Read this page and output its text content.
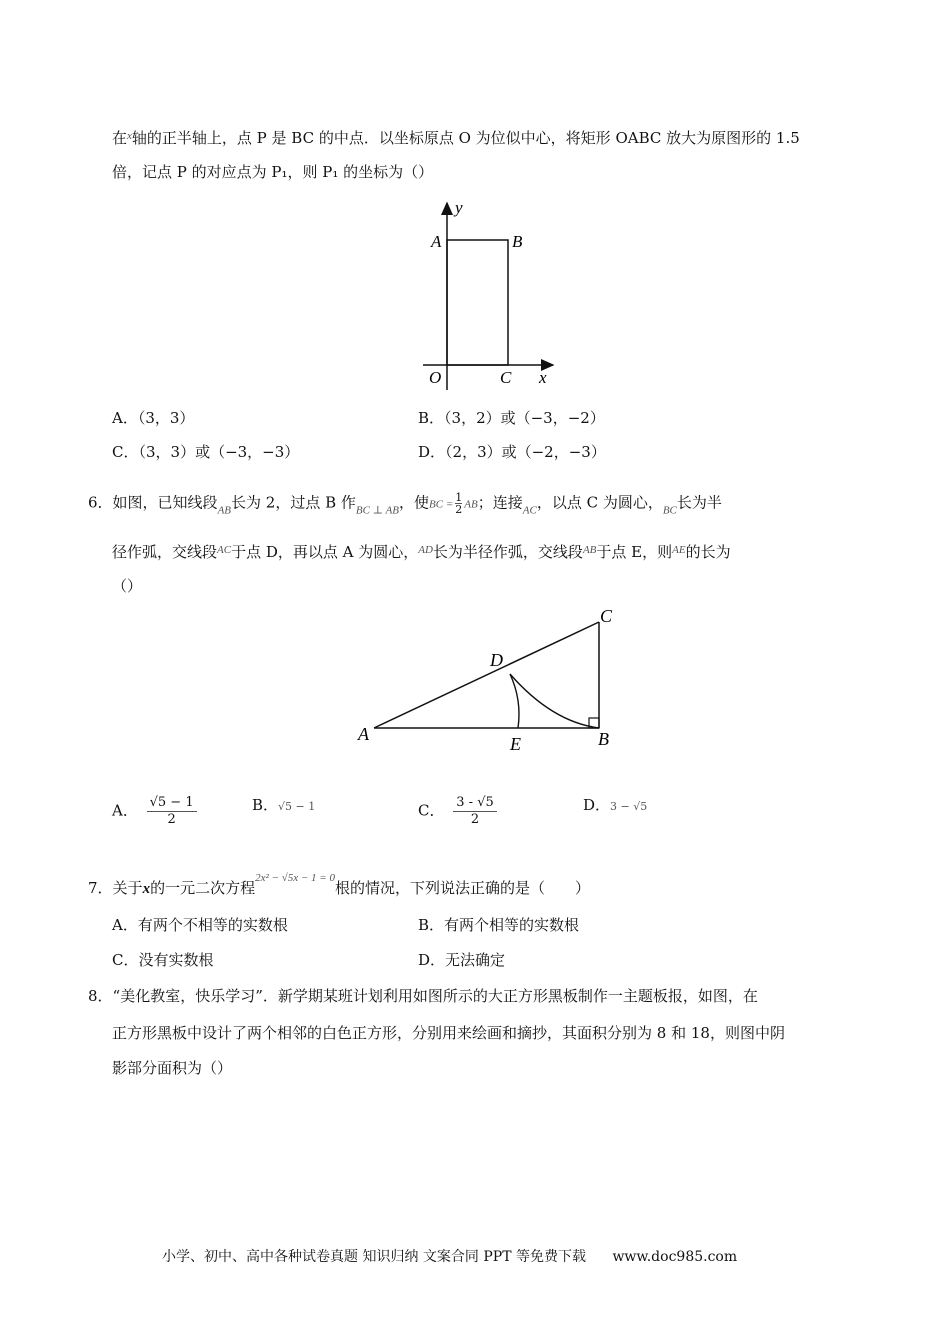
在$^x$轴的正半轴上，点 P 是 BC 的中点．以坐标原点 O 为位似中心，将矩形 OABC 放大为原图形的 1.5
倍，记点 P 的对应点为 P₁，则 P₁ 的坐标为（）
y
A	B
O	C x
A．（3，3）	B．（3，2）或（−3，−2）
C．（3，3）或（−3，−3）	D．（2，3）或（−2，−3）
6．如图，已知线段$_{AB}$长为 2，过点 B 作$_{BC \perp AB}$，使BC = $\frac{1}{2}$ AB；连接$_{AC}$，以点 C 为圆心，$_{BC}$长为半
径作弧，交线段$^{AC}$于点 D，再以点 A 为圆心，$^{AD}$长为半径作弧，交线段$^{AB}$于点 E，则$^{AE}$的长为
（）
A	B
C
D
E
A． $\frac{√5 - 1}{2}$	B．√5 − 1	C． $\frac{3 - √5}{2}$	D．3 − √5
7．关于x的一元二次方程$^{2x^2 - √5x - 1 = 0}$根的情况，下列说法正确的是（　　）
A．有两个不相等的实数根	B．有两个相等的实数根
C．没有实数根	D．无法确定
8．“美化教室，快乐学习”．新学期某班计划利用如图所示的大正方形黑板制作一主题板报，如图，在
正方形黑板中设计了两个相邻的白色正方形，分别用来绘画和摘抄，其面积分别为 8 和 18，则图中阴
影部分面积为（）
小学、初中、高中各种试卷真题 知识归纳 文案合同 PPT 等免费下载 www.doc985.com
